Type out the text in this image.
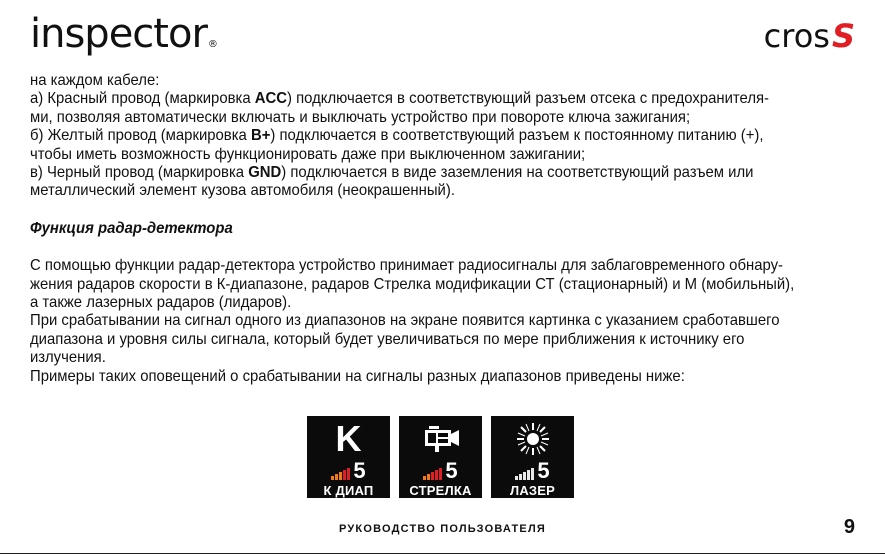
inspector®	cros S

на каждом кабеле:

а) Красный провод (маркировка ACC) подключается в соответствующий разъем отсека с предохранителя-

ми, позволяя автоматически включать и выключать устройство при повороте ключа зажигания;

б) Желтый провод (маркировка B+) подключается в соответствующий разъем к постоянному питанию (+),

чтобы иметь возможность функционировать даже при выключенном зажигании;

в) Черный провод (маркировка GND) подключается в виде заземления на соответствующий разъем или

металлический элемент кузова автомобиля (неокрашенный).

Функция радар-детектора

С помощью функции радар-детектора устройство принимает радиосигналы для заблаговременного обнару-

жения радаров скорости в К-диапазоне, радаров Стрелка модификации СТ (стационарный) и М (мобильный),

а также лазерных радаров (лидаров).

При срабатывании на сигнал одного из диапазонов на экране появится картинка с указанием сработавшего

диапазона и уровня силы сигнала, который будет увеличиваться по мере приближения к источнику его

излучения.

Примеры таких оповещений о срабатывании на сигналы разных диапазонов приведены ниже:

K
5
К ДИАП
5
СТРЕЛКА
5
ЛАЗЕР
РУКОВОДСТВО ПОЛЬЗОВАТЕЛЯ	9
